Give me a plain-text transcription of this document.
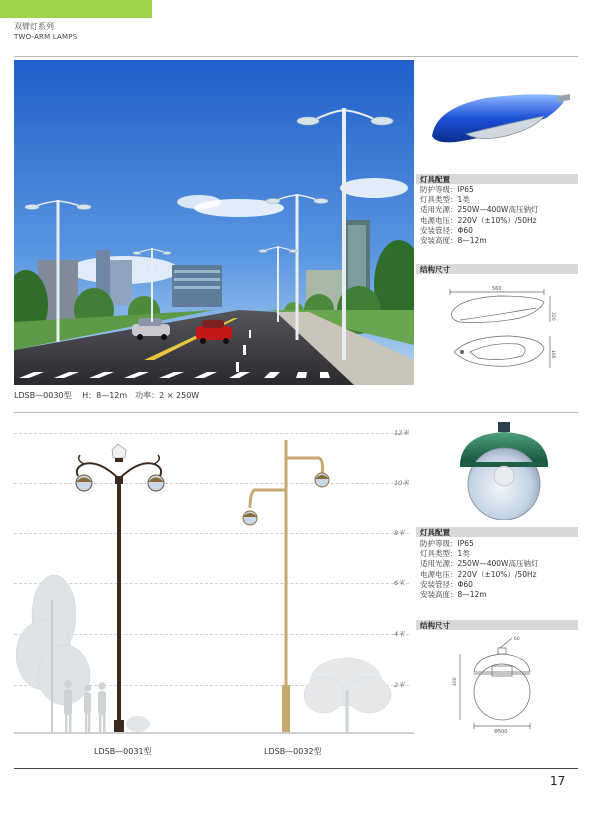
双臂灯系列
TWO-ARM LAMPS
LDSB—0030型　 H：8—12m　功率：2 × 250W
灯具配置
防护等级：IP65
灯具类型：1类
适用光源：250W—400W高压钠灯
电源电压：220V（±10%）/50Hz
安装管径：Φ60
安装高度：8—12m
结构尺寸
560
320
166
12米
10米
8米
6米
4米
2米
灯具配置
防护等级：IP65
灯具类型：1类
适用光源：250W—400W高压钠灯
电源电压：220V（±10%）/50Hz
安装管径：Φ60
安装高度：8—12m
结构尺寸
Φ500
400
60
LDSB—0031型	LDSB—0032型
17
